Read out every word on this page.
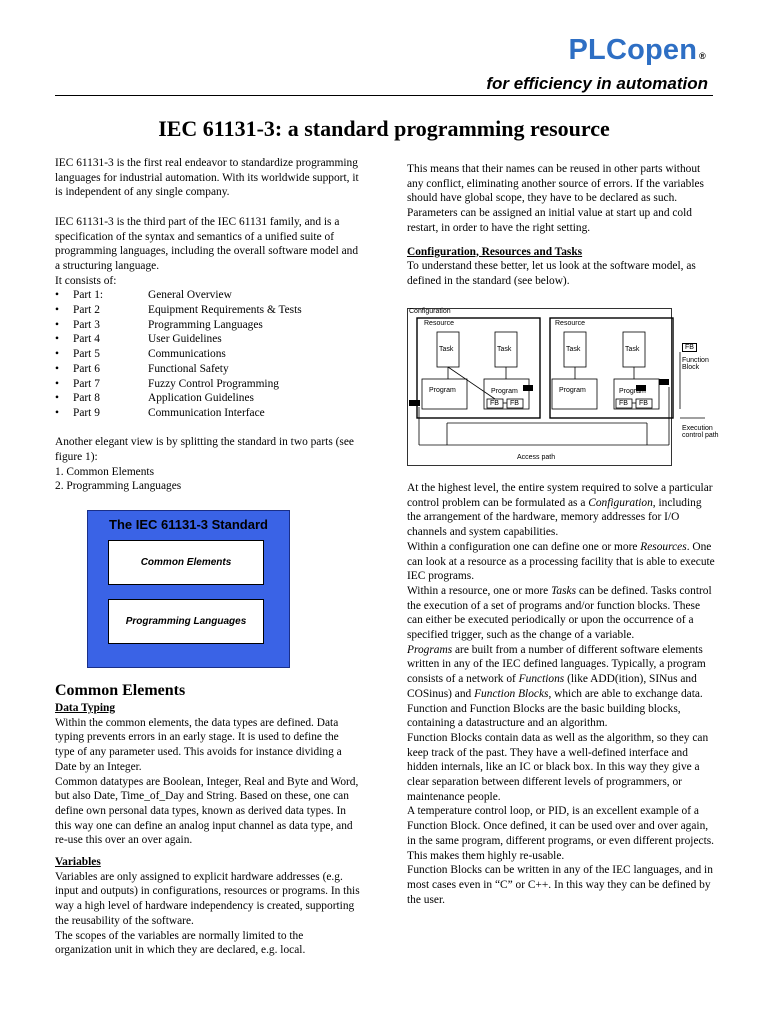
PLCopen ®
for efficiency in automation
IEC 61131-3: a standard programming resource

IEC 61131-3 is the first real endeavor to standardize programming languages for industrial automation. With its worldwide support, it is independent of any single company.

IEC 61131-3 is the third part of the IEC 61131 family, and is a specification of the syntax and semantics of a unified suite of programming languages, including the overall software model and a structuring language.

It consists of:

•	Part 1:	General Overview
•	Part 2	Equipment Requirements & Tests
•	Part 3	Programming Languages
•	Part 4	User Guidelines
•	Part 5	Communications
•	Part 6	Functional Safety
•	Part 7	Fuzzy Control Programming
•	Part 8	Application Guidelines
•	Part 9	Communication Interface

Another elegant view is by splitting the standard in two parts (see figure 1):

1. Common Elements

2. Programming Languages

The IEC 61131-3 Standard
Common Elements
Programming Languages
Common Elements

Data Typing

Within the common elements, the data types are defined. Data typing prevents errors in an early stage. It is used to define the type of any parameter used. This avoids for instance dividing a Date by an Integer.

Common datatypes are Boolean, Integer, Real and Byte and Word, but also Date, Time_of_Day and String. Based on these, one can define own personal data types, known as derived data types. In this way one can define an analog input channel as data type, and re-use this over an over again.

Variables

Variables are only assigned to explicit hardware addresses (e.g. input and outputs) in configurations, resources or programs. In this way a high level of hardware independency is created, supporting the reusability of the software.

The scopes of the variables are normally limited to the organization unit in which they are declared, e.g. local.

This means that their names can be reused in other parts without any conflict, eliminating another source of errors. If the variables should have global scope, they have to be declared as such. Parameters can be assigned an initial value at start up and cold restart, in order to have the right setting.

Configuration, Resources and Tasks

To understand these better, let us look at the software model, as defined in the standard (see below).

Configuration
Resource	Resource
Task	Task	Task	Task
Program	Program	Program	Program
FB FB	FB FB
FB
Function Block
Execution control path
Access path

At the highest level, the entire system required to solve a particular control problem can be formulated as a Configuration, including the arrangement of the hardware, memory addresses for I/O channels and system capabilities.

Within a configuration one can define one or more Resources. One can look at a resource as a processing facility that is able to execute IEC programs.

Within a resource, one or more Tasks can be defined. Tasks control the execution of a set of programs and/or function blocks. These can either be executed periodically or upon the occurrence of a specified trigger, such as the change of a variable.

Programs are built from a number of different software elements written in any of the IEC defined languages. Typically, a program consists of a network of Functions (like ADD(ition), SINus and COSinus) and Function Blocks, which are able to exchange data. Function and Function Blocks are the basic building blocks, containing a datastructure and an algorithm.

Function Blocks contain data as well as the algorithm, so they can keep track of the past. They have a well-defined interface and hidden internals, like an IC or black box. In this way they give a clear separation between different levels of programmers, or maintenance people.

A temperature control loop, or PID, is an excellent example of a Function Block. Once defined, it can be used over and over again, in the same program, different programs, or even different projects. This makes them highly re-usable.

Function Blocks can be written in any of the IEC languages, and in most cases even in “C” or C++. In this way they can be defined by the user.
